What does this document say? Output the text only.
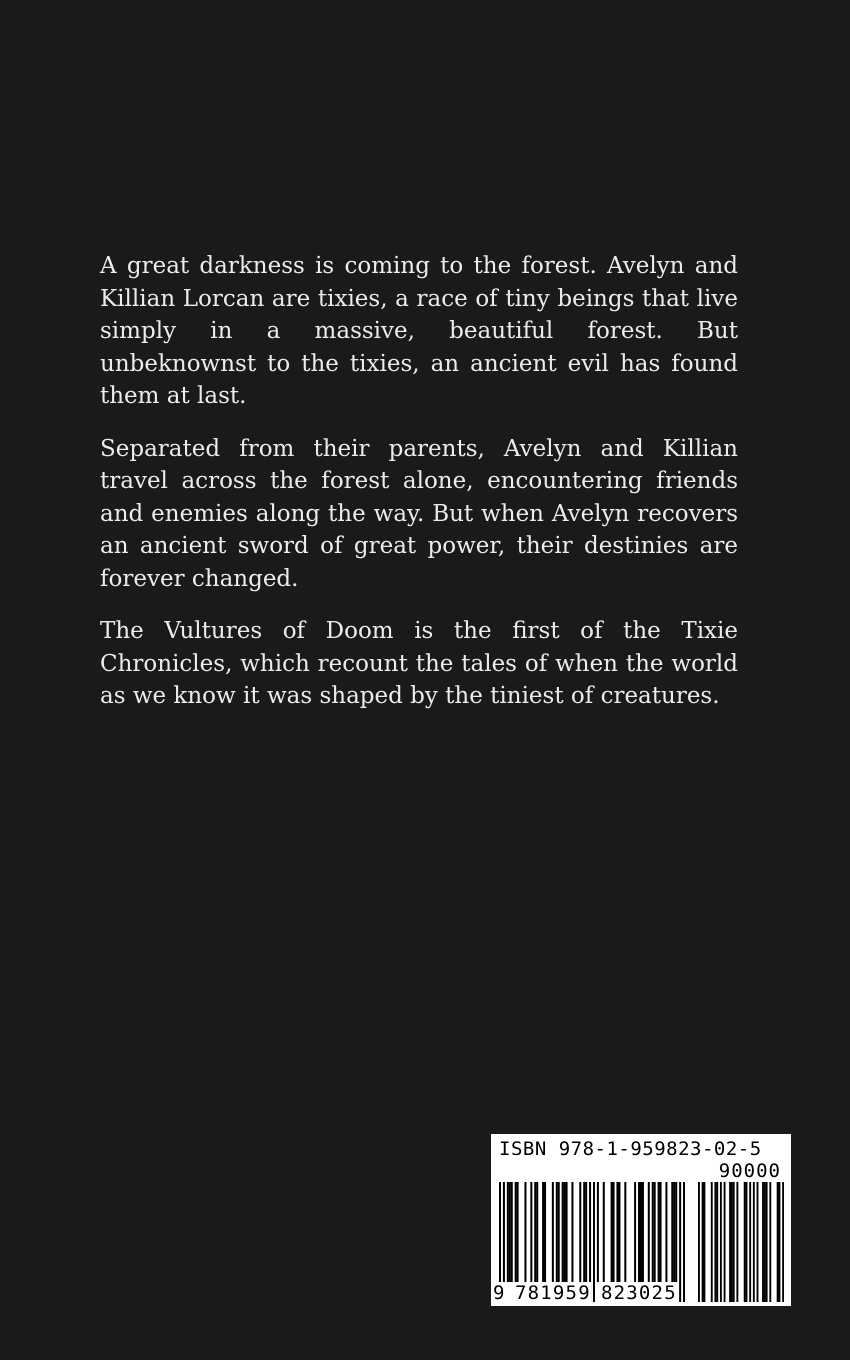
A great darkness is coming to the forest. Avelyn and Killian Lorcan are tixies, a race of tiny beings that live simply in a massive, beautiful forest. But unbeknownst to the tixies, an ancient evil has found them at last.

Separated from their parents, Avelyn and Killian travel across the forest alone, encountering friends and enemies along the way. But when Avelyn recovers an ancient sword of great power, their destinies are forever changed.

The Vultures of Doom is the first of the Tixie Chronicles, which recount the tales of when the world as we know it was shaped by the tiniest of creatures.

ISBN 978-1-959823-02-5
90000
9 781959 823025
